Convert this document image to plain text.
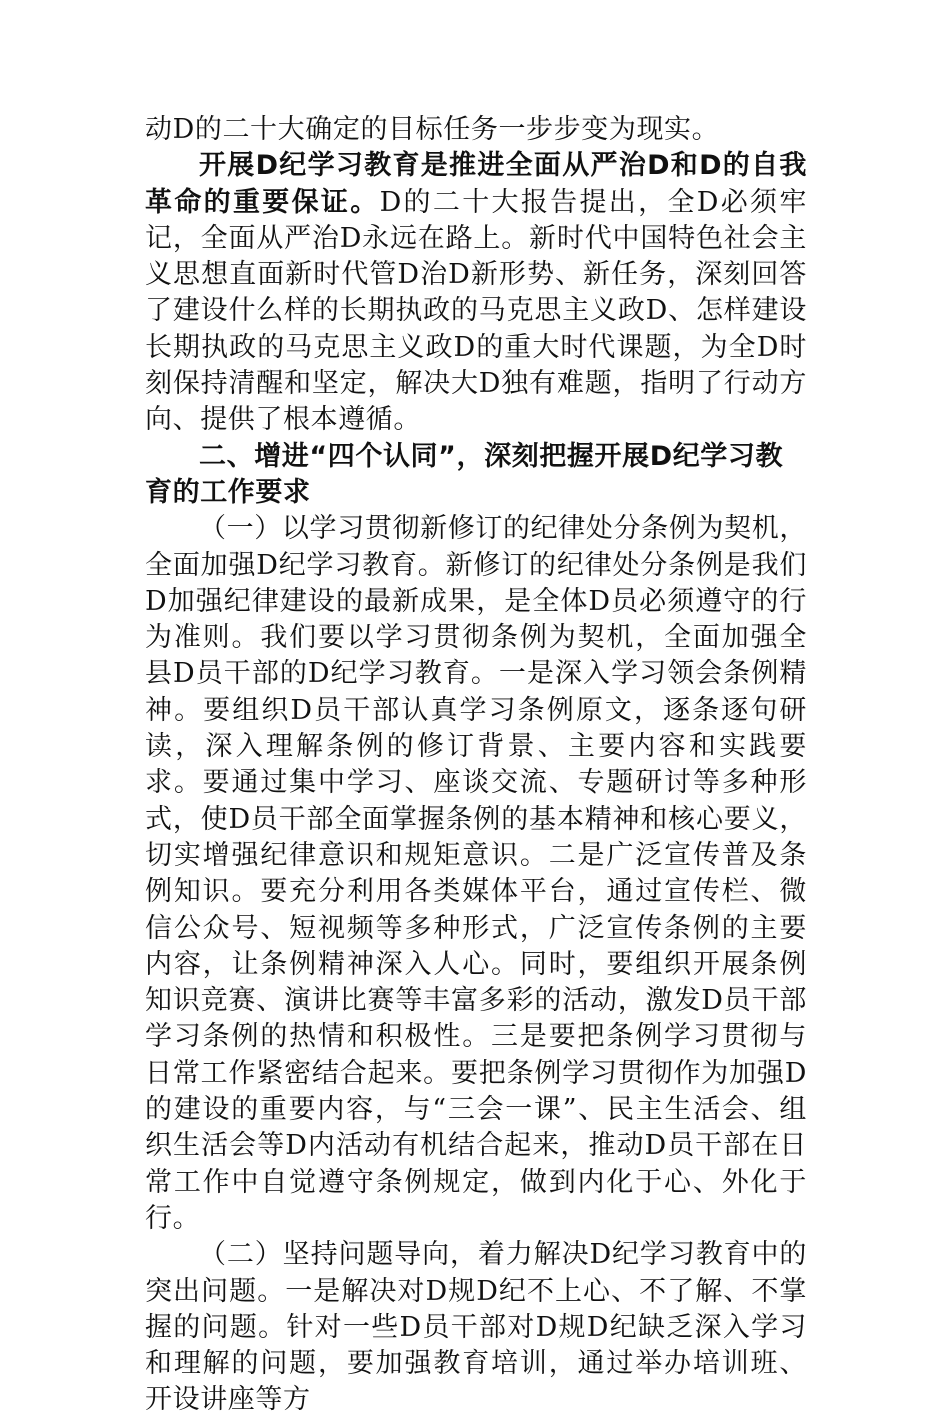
动D的二十大确定的目标任务一步步变为现实。

开展D纪学习教育是推进全面从严治D和D的自我革命的重要保证。D的二十大报告提出，全D必须牢记，全面从严治D永远在路上。新时代中国特色社会主义思想直面新时代管D治D新形势、新任务，深刻回答了建设什么样的长期执政的马克思主义政D、怎样建设长期执政的马克思主义政D的重大时代课题，为全D时刻保持清醒和坚定，解决大D独有难题，指明了行动方向、提供了根本遵循。

二、增进“四个认同”，深刻把握开展D纪学习教育的工作要求

（一）以学习贯彻新修订的纪律处分条例为契机，全面加强D纪学习教育。新修订的纪律处分条例是我们D加强纪律建设的最新成果，是全体D员必须遵守的行为准则。我们要以学习贯彻条例为契机，全面加强全县D员干部的D纪学习教育。一是深入学习领会条例精神。要组织D员干部认真学习条例原文，逐条逐句研读，深入理解条例的修订背景、主要内容和实践要求。要通过集中学习、座谈交流、专题研讨等多种形式，使D员干部全面掌握条例的基本精神和核心要义，切实增强纪律意识和规矩意识。二是广泛宣传普及条例知识。要充分利用各类媒体平台，通过宣传栏、微信公众号、短视频等多种形式，广泛宣传条例的主要内容，让条例精神深入人心。同时，要组织开展条例知识竞赛、演讲比赛等丰富多彩的活动，激发D员干部学习条例的热情和积极性。三是要把条例学习贯彻与日常工作紧密结合起来。要把条例学习贯彻作为加强D的建设的重要内容，与“三会一课”、民主生活会、组织生活会等D内活动有机结合起来，推动D员干部在日常工作中自觉遵守条例规定，做到内化于心、外化于行。

（二）坚持问题导向，着力解决D纪学习教育中的突出问题。一是解决对D规D纪不上心、不了解、不掌握的问题。针对一些D员干部对D规D纪缺乏深入学习和理解的问题，要加强教育培训，通过举办培训班、开设讲座等方
